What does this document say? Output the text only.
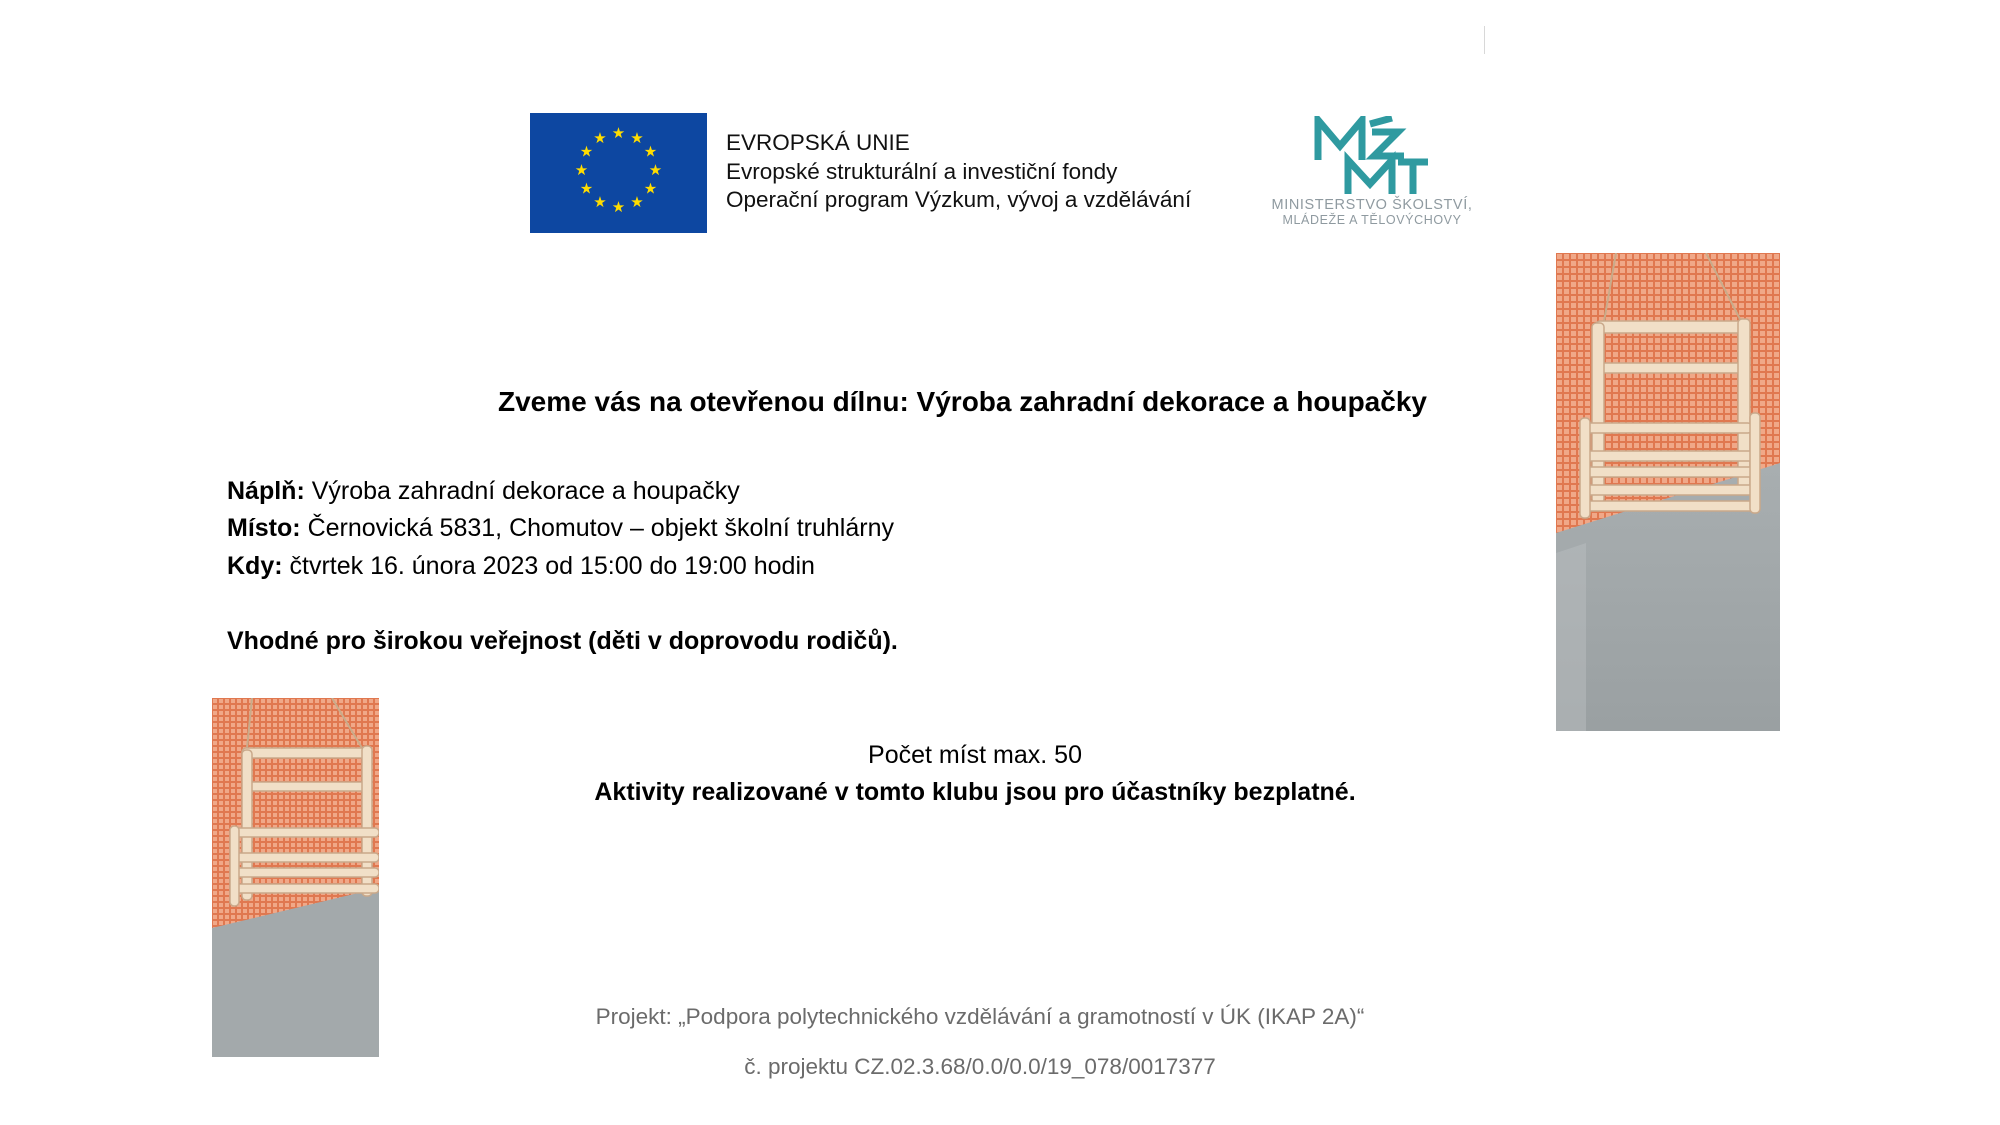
★ ★
★
★
★
★
★
★
★
★
★
★	EVROPSKÁ UNIE
Evropské strukturální a investiční fondy
Operační program Výzkum, vývoj a vzdělávání	MINISTERSTVO ŠKOLSTVÍ,
MLÁDEŽE A TĚLOVÝCHOVY
Zveme vás na otevřenou dílnu: Výroba zahradní dekorace a houpačky
Náplň: Výroba zahradní dekorace a houpačky
Místo: Černovická 5831, Chomutov – objekt školní truhlárny
Kdy: čtvrtek 16. února 2023 od 15:00 do 19:00 hodin
Vhodné pro širokou veřejnost (děti v doprovodu rodičů).
Počet míst max. 50
Aktivity realizované v tomto klubu jsou pro účastníky bezplatné.
Projekt: „Podpora polytechnického vzdělávání a gramotností v ÚK (IKAP 2A)“
č. projektu CZ.02.3.68/0.0/0.0/19_078/0017377
